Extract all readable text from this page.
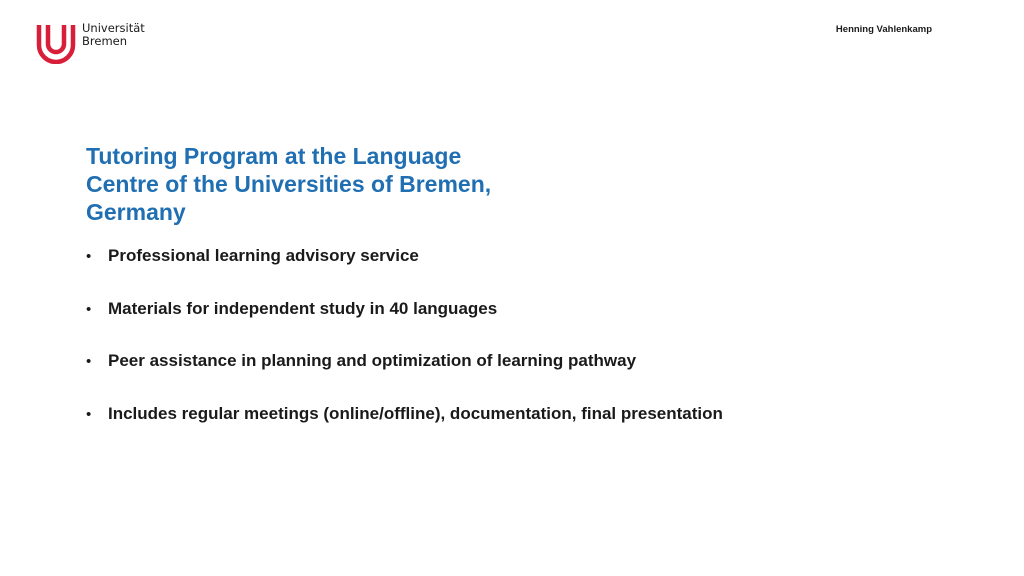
Universität
Bremen
Henning Vahlenkamp
Tutoring Program at the Language
Centre of the Universities of Bremen,
Germany
• Professional learning advisory service
• Materials for independent study in 40 languages
• Peer assistance in planning and optimization of learning pathway
• Includes regular meetings (online/offline), documentation, final presentation
